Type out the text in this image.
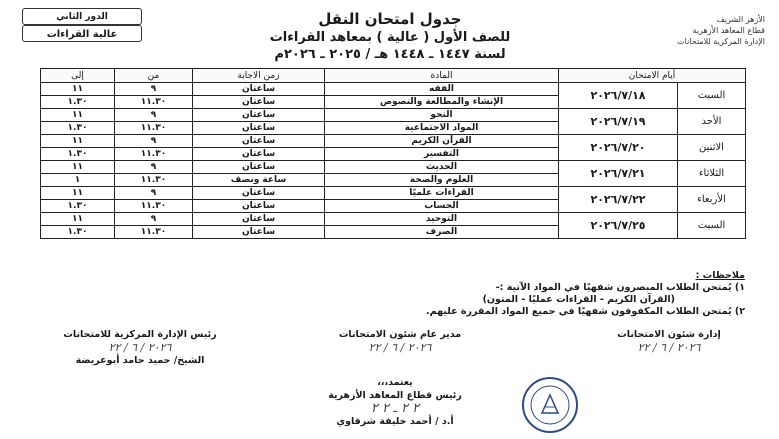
الأزهر الشريف
قطاع المعاهد الأزهرية
الإدارة المركزية للامتحانات
جدول امتحان النقل
للصف الأول ( عالية ) بمعاهد القراءات
لسنة ١٤٤٧ ـ ١٤٤٨ هـ / ٢٠٢٥ ـ ٢٠٢٦م
الدور الثاني
عالية القراءات
أيام الامتحان		المادة	زمن الاجابة	من	إلى
السبت	٢٠٢٦/٧/١٨	الفقه	ساعتان	٩	١١
		الإنشاء والمطالعة والنصوص	ساعتان	١١.٣٠	١.٣٠
الأحد	٢٠٢٦/٧/١٩	النحو	ساعتان	٩	١١
		المواد الاجتماعية	ساعتان	١١.٣٠	١.٣٠
الاثنين	٢٠٢٦/٧/٢٠	القرآن الكريم	ساعتان	٩	١١
		التفسير	ساعتان	١١.٣٠	١.٣٠
الثلاثاء	٢٠٢٦/٧/٢١	الحديث	ساعتان	٩	١١
		العلوم والصحة	ساعة ونصف	١١.٣٠	١
الأربعاء	٢٠٢٦/٧/٢٢	القراءات علميًا	ساعتان	٩	١١
		الحساب	ساعتان	١١.٣٠	١.٣٠
السبت	٢٠٢٦/٧/٢٥	التوحيد	ساعتان	٩	١١
		الصرف	ساعتان	١١.٣٠	١.٣٠
ملاحظات :
١) يُمتحن الطلاب المبصرون شفهيًا في المواد الآتية :-
(القرآن الكريم - القراءات عمليًا - المتون)
٢) يُمتحن الطلاب المكفوفون شفهيًا في جميع المواد المقررة عليهم.
إدارة شئون الامتحانات
٢٠٢٦ / ٦ / ٢٢
مدير عام شئون الامتحانات
٢٠٢٦ / ٦ / ٢٢
رئيس الإدارة المركزية للامتحانات
٢٠٢٦ / ٦ / ٢٢
الشيخ/ حميد حامد أبوعريضة
يعتمد،،،
رئيس قطاع المعاهد الأزهرية
٢ ٢ ـ ٢ ٢
أ.د / أحمد خليفة شرقاوي
